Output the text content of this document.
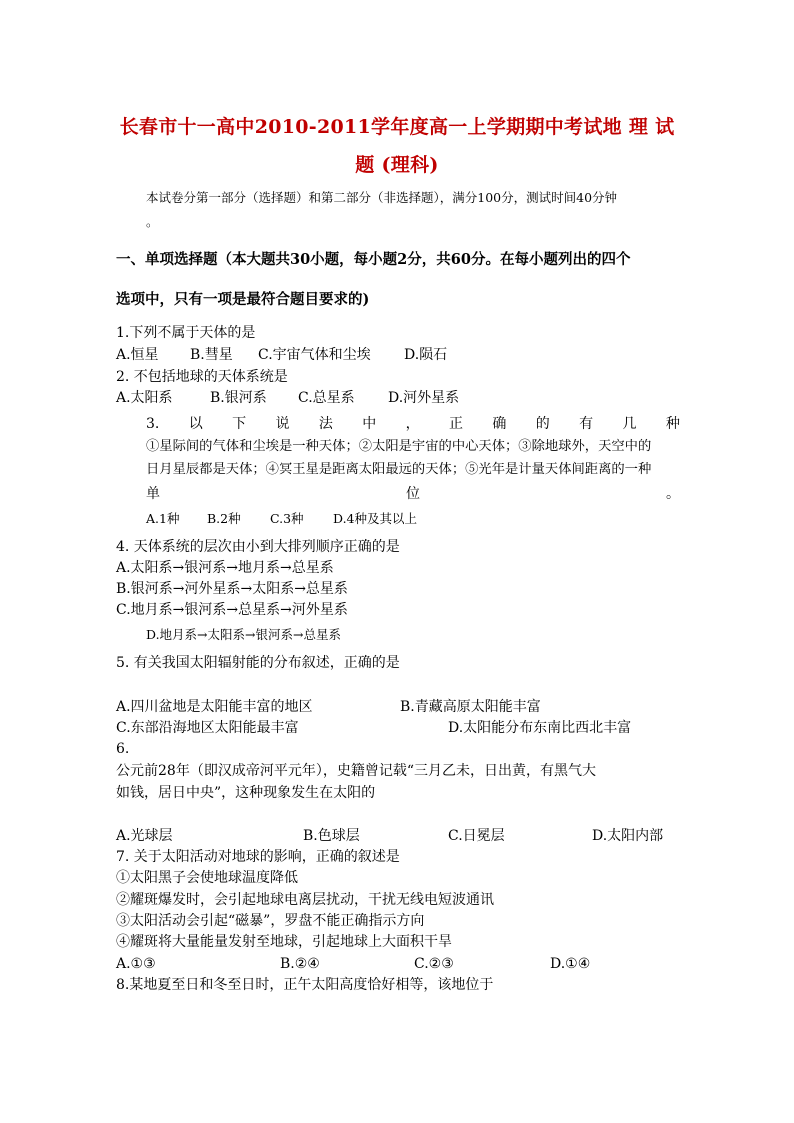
长春市十一高中2010-2011学年度高一上学期期中考试地 理 试
题 (理科)
本试卷分第一部分（选择题）和第二部分（非选择题），满分100分，测试时间40分钟
。
一、单项选择题（本大题共30小题，每小题2分，共60分。在每小题列出的四个
选项中，只有一项是最符合题目要求的)
1.下列不属于天体的是
A.恒星 B.彗星 C.宇宙气体和尘埃 D.陨石
2. 不包括地球的天体系统是
A.太阳系	B.银河系 C.总星系 D.河外星系
3. 以 下 说 法 中 ， 正 确 的 有 几 种
①星际间的气体和尘埃是一种天体；②太阳是宇宙的中心天体；③除地球外，天空中的
日月星辰都是天体；④冥王星是距离太阳最远的天体；⑤光年是计量天体间距离的一种
单	位	。
A.1种 B.2种 C.3种 D.4种及其以上
4. 天体系统的层次由小到大排列顺序正确的是
A.太阳系→银河系→地月系→总星系
B.银河系→河外星系→太阳系→总星系
C.地月系→银河系→总星系→河外星系
D.地月系→太阳系→银河系→总星系
5. 有关我国太阳辐射能的分布叙述，正确的是
A.四川盆地是太阳能丰富的地区	B.青藏高原太阳能丰富
C.东部沿海地区太阳能最丰富	D.太阳能分布东南比西北丰富
6.
公元前28年（即汉成帝河平元年），史籍曾记载“三月乙未，日出黄，有黑气大
如钱，居日中央”，这种现象发生在太阳的
A.光球层	B.色球层	C.日冕层	D.太阳内部
7. 关于太阳活动对地球的影响，正确的叙述是
①太阳黑子会使地球温度降低
②耀斑爆发时，会引起地球电离层扰动，干扰无线电短波通讯
③太阳活动会引起“磁暴”，罗盘不能正确指示方向
④耀斑将大量能量发射至地球，引起地球上大面积干旱
A.①③	B.②④	C.②③	D.①④
8.某地夏至日和冬至日时，正午太阳高度恰好相等，该地位于
